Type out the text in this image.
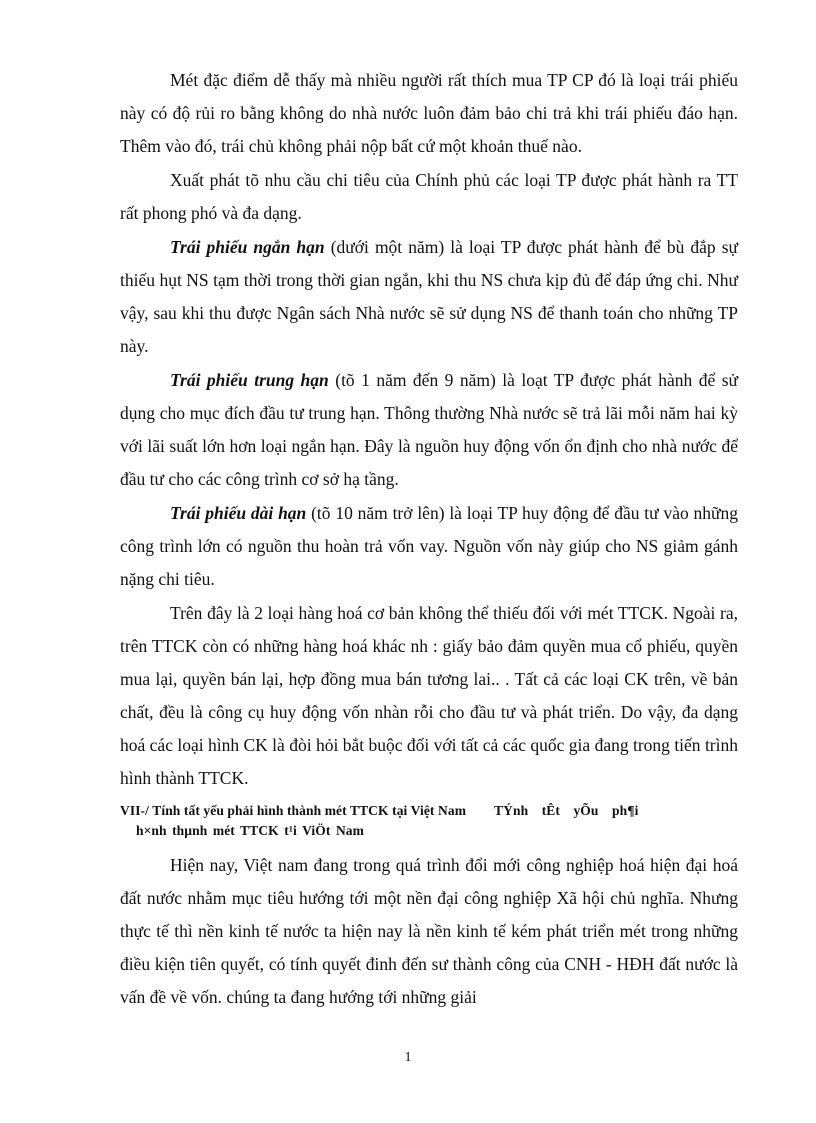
Mét đặc điểm dễ thấy mà nhiều người rất thích mua TP CP đó là loại trái phiếu này có độ rủi ro bằng không do nhà nước luôn đảm bảo chi trả khi trái phiếu đáo hạn. Thêm vào đó, trái chủ không phải nộp bất cứ một khoản thuế nào.

Xuất phát tõ nhu cầu chi tiêu của Chính phủ các loại TP được phát hành ra TT rất phong phó và đa dạng.

Trái phiếu ngắn hạn (dưới một năm) là loại TP được phát hành để bù đắp sự thiếu hụt NS tạm thời trong thời gian ngắn, khi thu NS chưa kịp đủ để đáp ứng chi. Như vậy, sau khi thu được Ngân sách Nhà nước sẽ sử dụng NS để thanh toán cho những TP này.

Trái phiếu trung hạn (tõ 1 năm đến 9 năm) là loạt TP được phát hành để sử dụng cho mục đích đầu tư trung hạn. Thông thường Nhà nước sẽ trả lãi mỗi năm hai kỳ với lãi suất lớn hơn loại ngắn hạn. Đây là nguồn huy động vốn ổn định cho nhà nước để đầu tư cho các công trình cơ sở hạ tầng.

Trái phiếu dài hạn (tõ 10 năm trở lên) là loại TP huy động để đầu tư vào những công trình lớn có nguồn thu hoàn trả vốn vay. Nguồn vốn này giúp cho NS giảm gánh nặng chi tiêu.

Trên đây là 2 loại hàng hoá cơ bản không thể thiếu đối với mét TTCK. Ngoài ra, trên TTCK còn có những hàng hoá khác nh : giấy bảo đảm quyền mua cổ phiếu, quyền mua lại, quyền bán lại, hợp đồng mua bán tương lai.. . Tất cả các loại CK trên, về bản chất, đều là công cụ huy động vốn nhàn rỗi cho đầu tư và phát triển. Do vậy, đa dạng hoá các loại hình CK là đòi hỏi bắt buộc đối với tất cả các quốc gia đang trong tiến trình hình thành TTCK.

VII-/ Tính tất yếu phải hình thành mét TTCK tại Việt Nam TÝnh tÊt yÕu ph¶i
h×nh thµnh mét TTCK t¹i ViÖt Nam

Hiện nay, Việt nam đang trong quá trình đổi mới công nghiệp hoá hiện đại hoá đất nước nhằm mục tiêu hướng tới một nền đại công nghiệp Xã hội chủ nghĩa. Nhưng thực tế thì nền kinh tế nước ta hiện nay là nền kinh tế kém phát triển mét trong những điều kiện tiên quyết, có tính quyết đinh đến sư thành công của CNH - HĐH đất nước là vấn đề về vốn. chúng ta đang hướng tới những giải

1
